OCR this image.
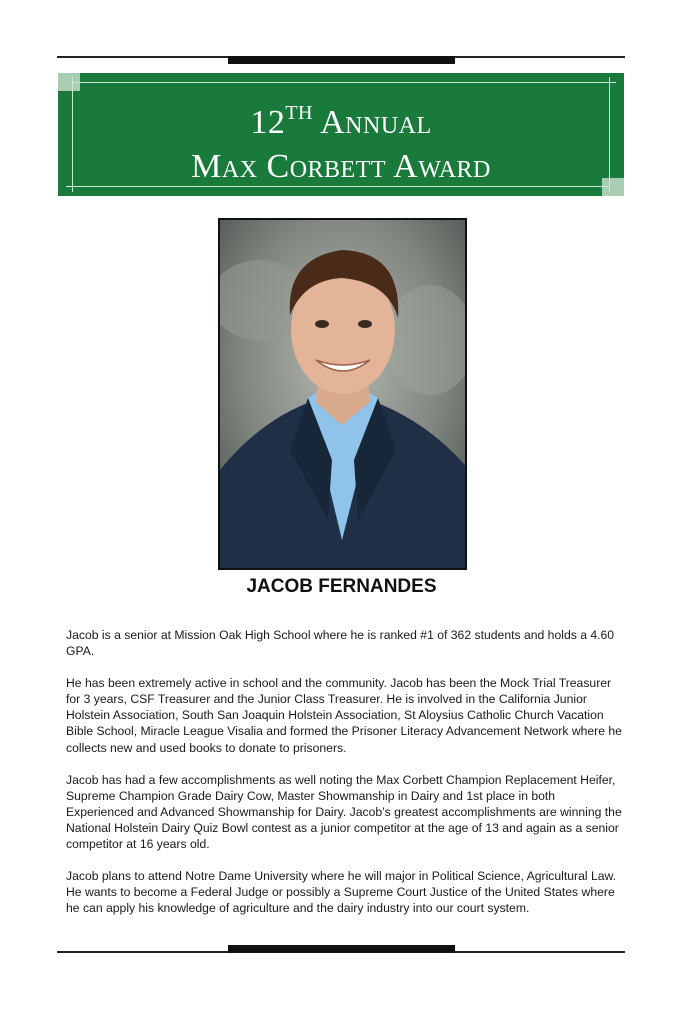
12TH Annual
Max Corbett Award
JACOB FERNANDES

Jacob is a senior at Mission Oak High School where he is ranked #1 of 362 students and holds a 4.60 GPA.

He has been extremely active in school and the community. Jacob has been the Mock Trial Treasurer for 3 years, CSF Treasurer and the Junior Class Treasurer. He is involved in the California Junior Holstein Association, South San Joaquin Holstein Association, St Aloysius Catholic Church Vacation Bible School, Miracle League Visalia and formed the Prisoner Literacy Advancement Network where he collects new and used books to donate to prisoners.

Jacob has had a few accomplishments as well noting the Max Corbett Champion Replacement Heifer, Supreme Champion Grade Dairy Cow, Master Showmanship in Dairy and 1st place in both Experienced and Advanced Showmanship for Dairy. Jacob’s greatest accomplishments are winning the National Holstein Dairy Quiz Bowl contest as a junior competitor at the age of 13 and again as a senior competitor at 16 years old.

Jacob plans to attend Notre Dame University where he will major in Political Science, Agricultural Law. He wants to become a Federal Judge or possibly a Supreme Court Justice of the United States where he can apply his knowledge of agriculture and the dairy industry into our court system.
